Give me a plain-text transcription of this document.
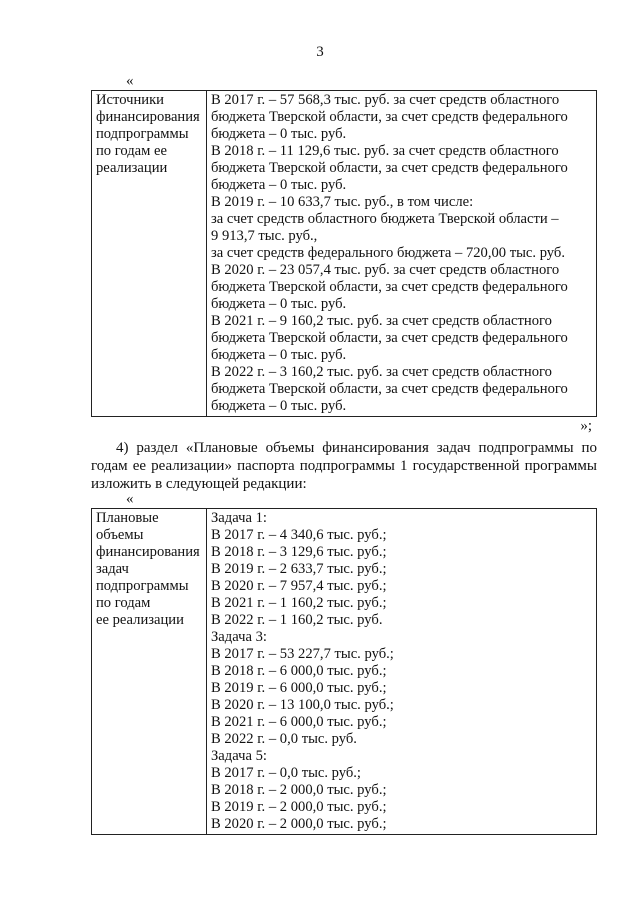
3
«
Источники
финансирования
подпрограммы
по годам ее
реализации

В 2017 г. – 57 568,3 тыс. руб. за счет средств областного
бюджета Тверской области, за счет средств федерального
бюджета – 0 тыс. руб.
В 2018 г. – 11 129,6 тыс. руб. за счет средств областного
бюджета Тверской области, за счет средств федерального
бюджета – 0 тыс. руб.
В 2019 г. – 10 633,7 тыс. руб., в том числе:
за счет средств областного бюджета Тверской области –
9 913,7 тыс. руб.,
за счет средств федерального бюджета – 720,00 тыс. руб.
В 2020 г. – 23 057,4 тыс. руб. за счет средств областного
бюджета Тверской области, за счет средств федерального
бюджета – 0 тыс. руб.
В 2021 г. – 9 160,2 тыс. руб. за счет средств областного
бюджета Тверской области, за счет средств федерального
бюджета – 0 тыс. руб.
В 2022 г. – 3 160,2 тыс. руб. за счет средств областного
бюджета Тверской области, за счет средств федерального
бюджета – 0 тыс. руб.
»;
4) раздел «Плановые объемы финансирования задач подпрограммы по годам ее реализации» паспорта подпрограммы 1 государственной программы изложить в следующей редакции:
«
Плановые
объемы
финансирования
задач
подпрограммы
по годам
ее реализации

Задача 1:
В 2017 г. – 4 340,6 тыс. руб.;
В 2018 г. – 3 129,6 тыс. руб.;
В 2019 г. – 2 633,7 тыс. руб.;
В 2020 г. – 7 957,4 тыс. руб.;
В 2021 г. – 1 160,2 тыс. руб.;
В 2022 г. – 1 160,2 тыс. руб.
Задача 3:
В 2017 г. – 53 227,7 тыс. руб.;
В 2018 г. – 6 000,0 тыс. руб.;
В 2019 г. – 6 000,0 тыс. руб.;
В 2020 г. – 13 100,0 тыс. руб.;
В 2021 г. – 6 000,0 тыс. руб.;
В 2022 г. – 0,0 тыс. руб.
Задача 5:
В 2017 г. – 0,0 тыс. руб.;
В 2018 г. – 2 000,0 тыс. руб.;
В 2019 г. – 2 000,0 тыс. руб.;
В 2020 г. – 2 000,0 тыс. руб.;
